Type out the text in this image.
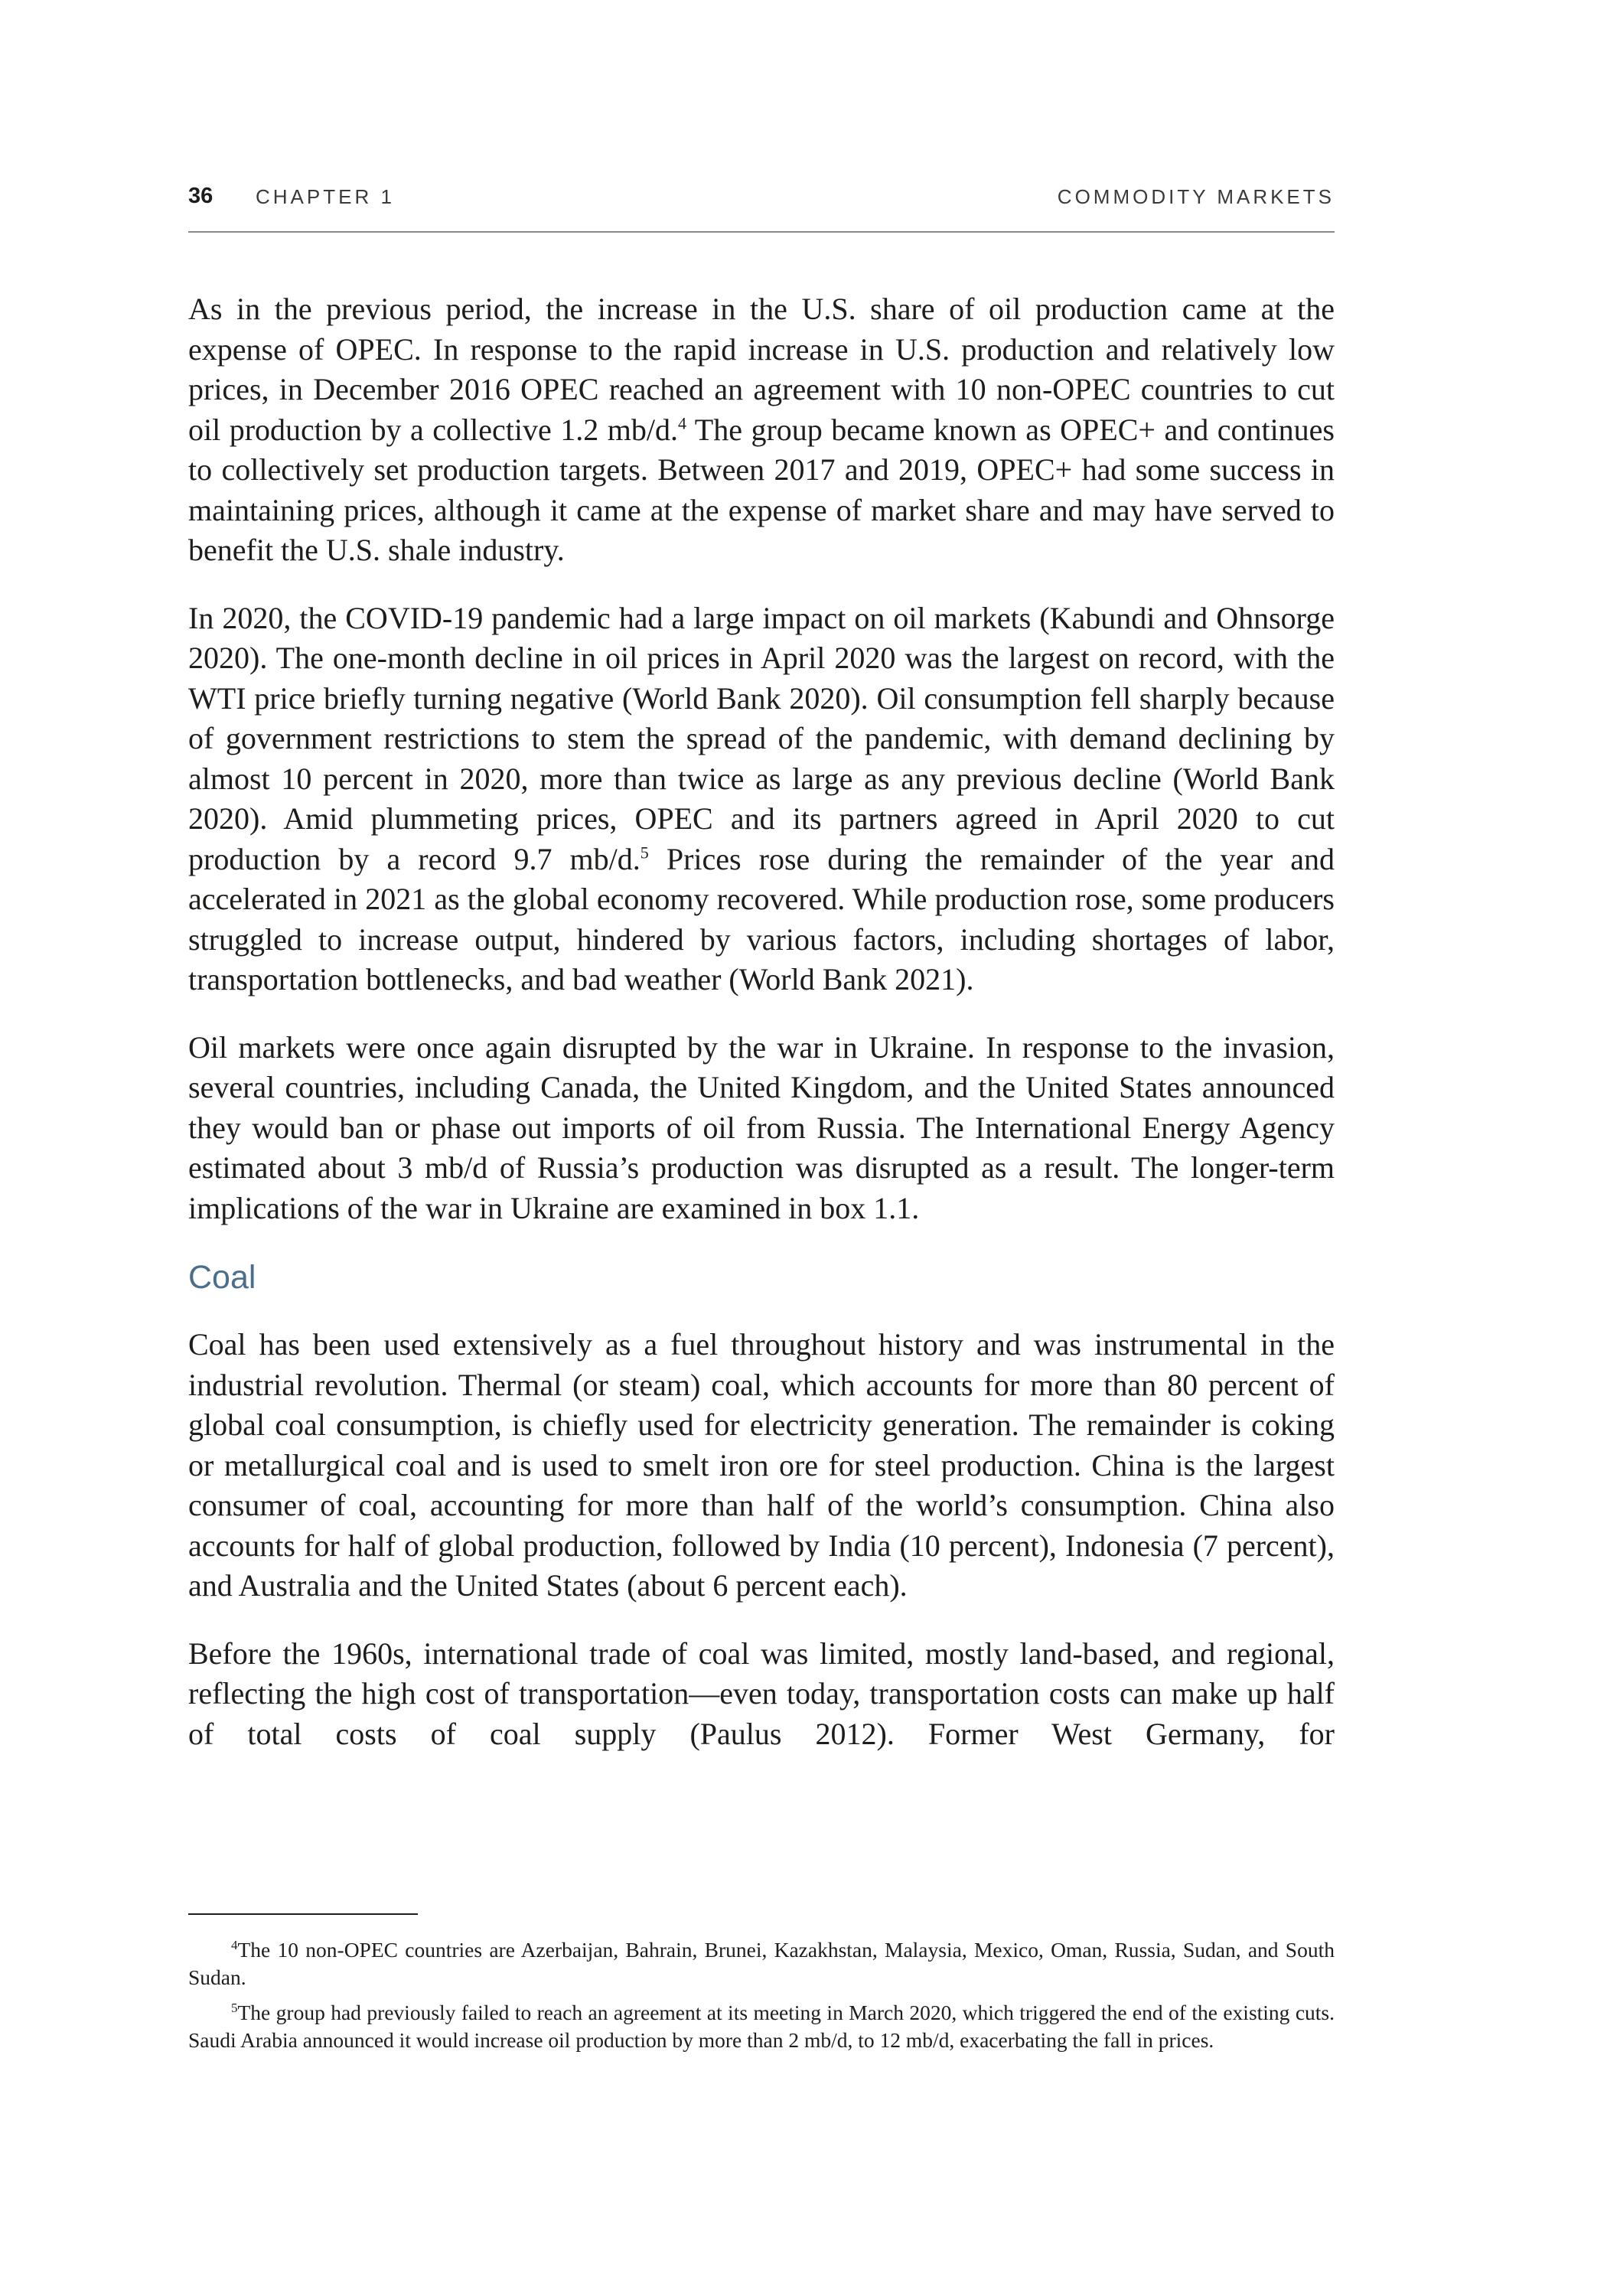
36 CHAPTER 1	COMMODITY MARKETS

As in the previous period, the increase in the U.S. share of oil production came at the expense of OPEC. In response to the rapid increase in U.S. production and relatively low prices, in December 2016 OPEC reached an agreement with 10 non-OPEC countries to cut oil production by a collective 1.2 mb/d.$^4$ The group became known as OPEC+ and continues to collectively set production targets. Between 2017 and 2019, OPEC+ had some success in maintaining prices, although it came at the expense of market share and may have served to benefit the U.S. shale industry.

In 2020, the COVID-19 pandemic had a large impact on oil markets (Kabundi and Ohnsorge 2020). The one-month decline in oil prices in April 2020 was the largest on record, with the WTI price briefly turning negative (World Bank 2020). Oil consumption fell sharply because of government restrictions to stem the spread of the pandemic, with demand declining by almost 10 percent in 2020, more than twice as large as any previous decline (World Bank 2020). Amid plummeting prices, OPEC and its partners agreed in April 2020 to cut production by a record 9.7 mb/d.$^5$ Prices rose during the remainder of the year and accelerated in 2021 as the global economy recovered. While production rose, some producers struggled to increase output, hindered by various factors, including shortages of labor, transportation bottlenecks, and bad weather (World Bank 2021).

Oil markets were once again disrupted by the war in Ukraine. In response to the invasion, several countries, including Canada, the United Kingdom, and the United States announced they would ban or phase out imports of oil from Russia. The International Energy Agency estimated about 3 mb/d of Russia’s production was disrupted as a result. The longer-term implications of the war in Ukraine are examined in box 1.1.

Coal

Coal has been used extensively as a fuel throughout history and was instrumental in the industrial revolution. Thermal (or steam) coal, which accounts for more than 80 percent of global coal consumption, is chiefly used for electricity generation. The remainder is coking or metallurgical coal and is used to smelt iron ore for steel production. China is the largest consumer of coal, accounting for more than half of the world’s consumption. China also accounts for half of global production, followed by India (10 percent), Indonesia (7 percent), and Australia and the United States (about 6 percent each).

Before the 1960s, international trade of coal was limited, mostly land-based, and regional, reflecting the high cost of transportation—even today, transportation costs can make up half of total costs of coal supply (Paulus 2012). Former West Germany, for

$^4$The 10 non-OPEC countries are Azerbaijan, Bahrain, Brunei, Kazakhstan, Malaysia, Mexico, Oman, Russia, Sudan, and South Sudan.

$^5$The group had previously failed to reach an agreement at its meeting in March 2020, which triggered the end of the existing cuts. Saudi Arabia announced it would increase oil production by more than 2 mb/d, to 12 mb/d, exacerbating the fall in prices.
